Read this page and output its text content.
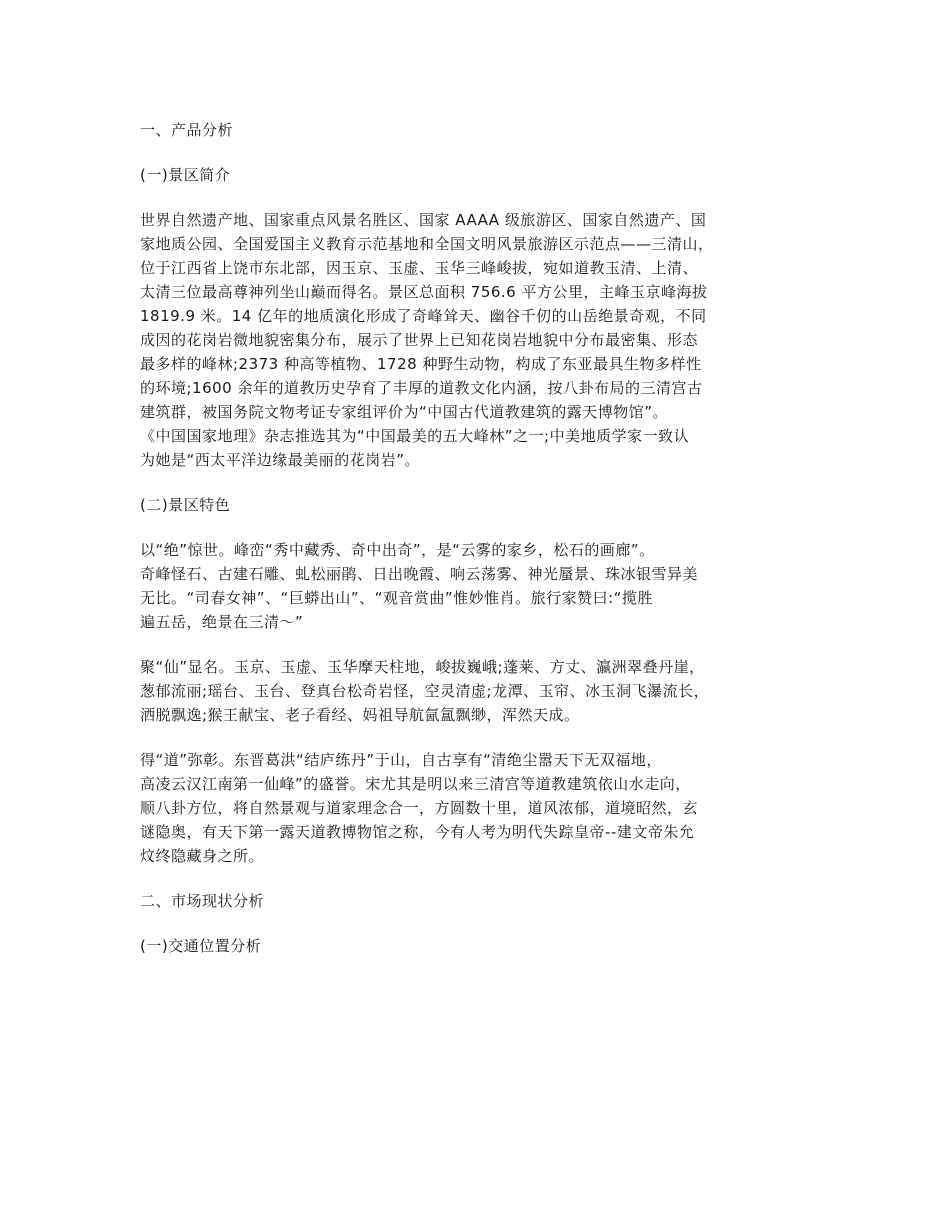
一、产品分析
(一)景区简介
世界自然遗产地、国家重点风景名胜区、国家 AAAA 级旅游区、国家自然遗产、国
家地质公园、全国爱国主义教育示范基地和全国文明风景旅游区示范点——三清山，
位于江西省上饶市东北部，因玉京、玉虚、玉华三峰峻拔，宛如道教玉清、上清、
太清三位最高尊神列坐山巅而得名。景区总面积 756.6 平方公里，主峰玉京峰海拔
1819.9 米。14 亿年的地质演化形成了奇峰耸天、幽谷千仞的山岳绝景奇观，不同
成因的花岗岩微地貌密集分布，展示了世界上已知花岗岩地貌中分布最密集、形态
最多样的峰林;2373 种高等植物、1728 种野生动物，构成了东亚最具生物多样性
的环境;1600 余年的道教历史孕育了丰厚的道教文化内涵，按八卦布局的三清宫古
建筑群，被国务院文物考证专家组评价为“中国古代道教建筑的露天博物馆”。
《中国国家地理》杂志推选其为“中国最美的五大峰林”之一;中美地质学家一致认
为她是“西太平洋边缘最美丽的花岗岩”。
(二)景区特色
以“绝”惊世。峰峦“秀中藏秀、奇中出奇”，是“云雾的家乡，松石的画廊”。
奇峰怪石、古建石雕、虬松丽鹃、日出晚霞、响云荡雾、神光蜃景、珠冰银雪异美
无比。“司春女神”、“巨蟒出山”、“观音赏曲”惟妙惟肖。旅行家赞曰:“揽胜
遍五岳，绝景在三清～”
聚“仙”显名。玉京、玉虚、玉华摩天柱地，峻拔巍峨;蓬莱、方丈、瀛洲翠叠丹崖，
葱郁流丽;瑶台、玉台、登真台松奇岩怪，空灵清虚;龙潭、玉帘、冰玉洞飞瀑流长，
洒脱飘逸;猴王献宝、老子看经、妈祖导航氤氲飘缈，浑然天成。
得“道”弥彰。东晋葛洪“结庐练丹”于山，自古享有“清绝尘嚣天下无双福地，
高凌云汉江南第一仙峰”的盛誉。宋尤其是明以来三清宫等道教建筑依山水走向，
顺八卦方位，将自然景观与道家理念合一，方圆数十里，道风浓郁，道境昭然，玄
谜隐奥，有天下第一露天道教博物馆之称，今有人考为明代失踪皇帝--建文帝朱允
炆终隐藏身之所。
二、市场现状分析
(一)交通位置分析
